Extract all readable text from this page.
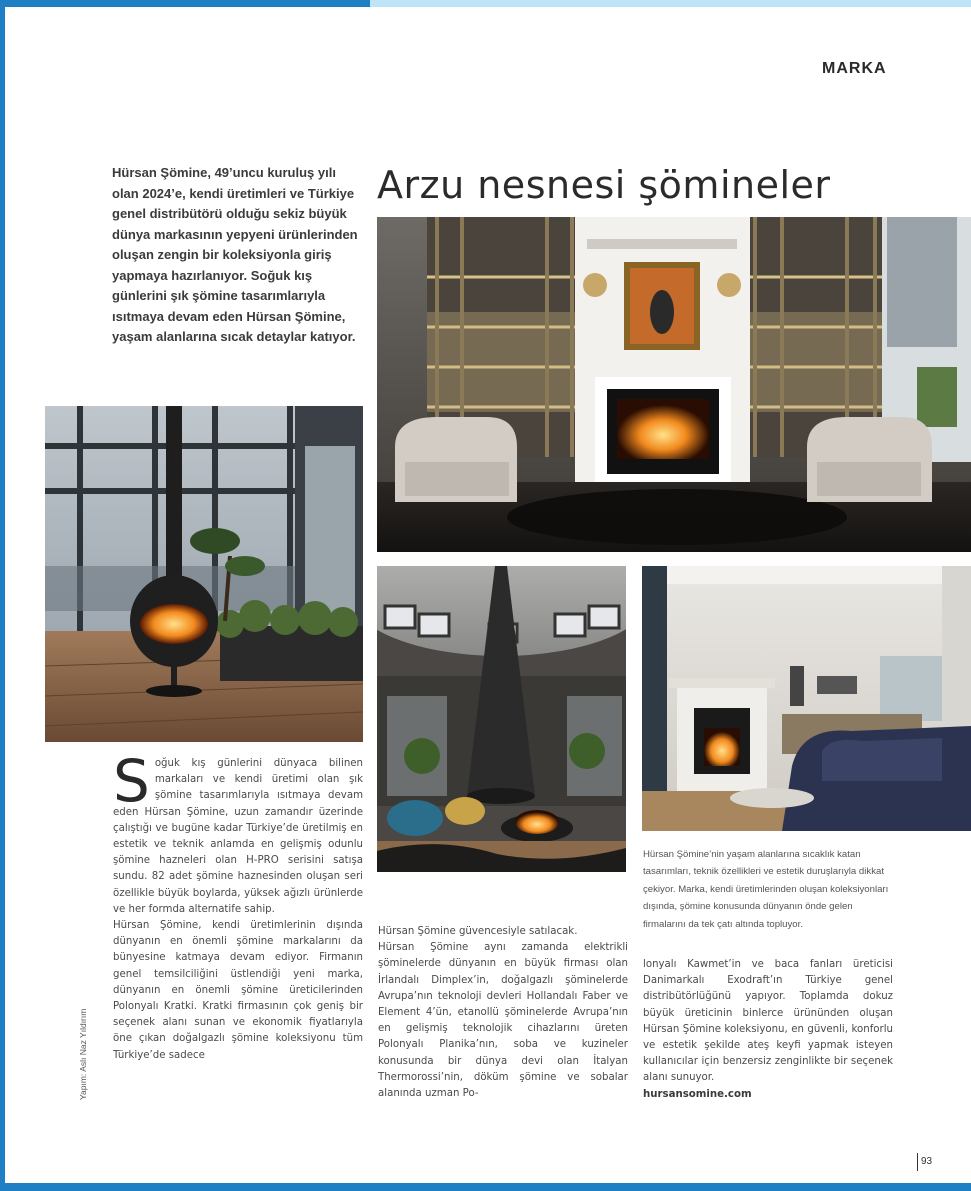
MARKA
Hürsan Şömine, 49’uncu kuruluş yılı olan 2024’e, kendi üretimleri ve Türkiye genel distribütörü olduğu sekiz büyük dünya markasının yepyeni ürünlerinden oluşan zengin bir koleksiyonla giriş yapmaya hazırlanıyor. Soğuk kış günlerini şık şömine tasarımlarıyla ısıtmaya devam eden Hürsan Şömine, yaşam alanlarına sıcak detaylar katıyor.
Arzu nesnesi şömineler

S oğuk kış günlerini dünyaca bilinen markaları ve kendi üretimi olan şık şömine tasarımlarıyla ısıtmaya devam eden Hürsan Şömine, uzun zamandır üzerinde çalıştığı ve bugüne kadar Türkiye’de üretilmiş en estetik ve teknik anlamda en gelişmiş odunlu şömine hazneleri olan H-PRO serisini satışa sundu. 82 adet şömine haznesinden oluşan seri özellikle büyük boylarda, yüksek ağızlı ürünlerde ve her formda alternatife sahip.

Hürsan Şömine, kendi üretimlerinin dışında dünyanın en önemli şömine markalarını da bünyesine katmaya devam ediyor. Firmanın genel temsilciliğini üstlendiği yeni marka, dünyanın en önemli şömine üreticilerinden Polonyalı Kratki. Kratki firmasının çok geniş bir seçenek alanı sunan ve ekonomik fiyatlarıyla öne çıkan doğalgazlı şömine koleksiyonu tüm Türkiye’de sadece

Hürsan Şömine güvencesiyle satılacak.

Hürsan Şömine aynı zamanda elektrikli şöminelerde dünyanın en büyük firması olan İrlandalı Dimplex’in, doğalgazlı şöminelerde Avrupa’nın teknoloji devleri Hollandalı Faber ve Element 4’ün, etanollü şöminelerde Avrupa’nın en gelişmiş teknolojik cihazlarını üreten Polonyalı Planika’nın, soba ve kuzineler konusunda bir dünya devi olan İtalyan Thermorossi’nin, döküm şömine ve sobalar alanında uzman Po-

Hürsan Şömine’nin yaşam alanlarına sıcaklık katan tasarımları, teknik özellikleri ve estetik duruşlarıyla dikkat çekiyor. Marka, kendi üretimlerinden oluşan koleksiyonları dışında, şömine konusunda dünyanın önde gelen firmalarını da tek çatı altında topluyor.

lonyalı Kawmet’in ve baca fanları üreticisi Danimarkalı Exodraft’ın Türkiye genel distribütörlüğünü yapıyor. Toplamda dokuz büyük üreticinin binlerce ürününden oluşan Hürsan Şömine koleksiyonu, en güvenli, konforlu ve estetik şekilde ateş keyfi yapmak isteyen kullanıcılar için benzersiz zenginlikte bir seçenek alanı sunuyor.

hursansomine.com

Yapım: Aslı Naz Yıldırım
93
